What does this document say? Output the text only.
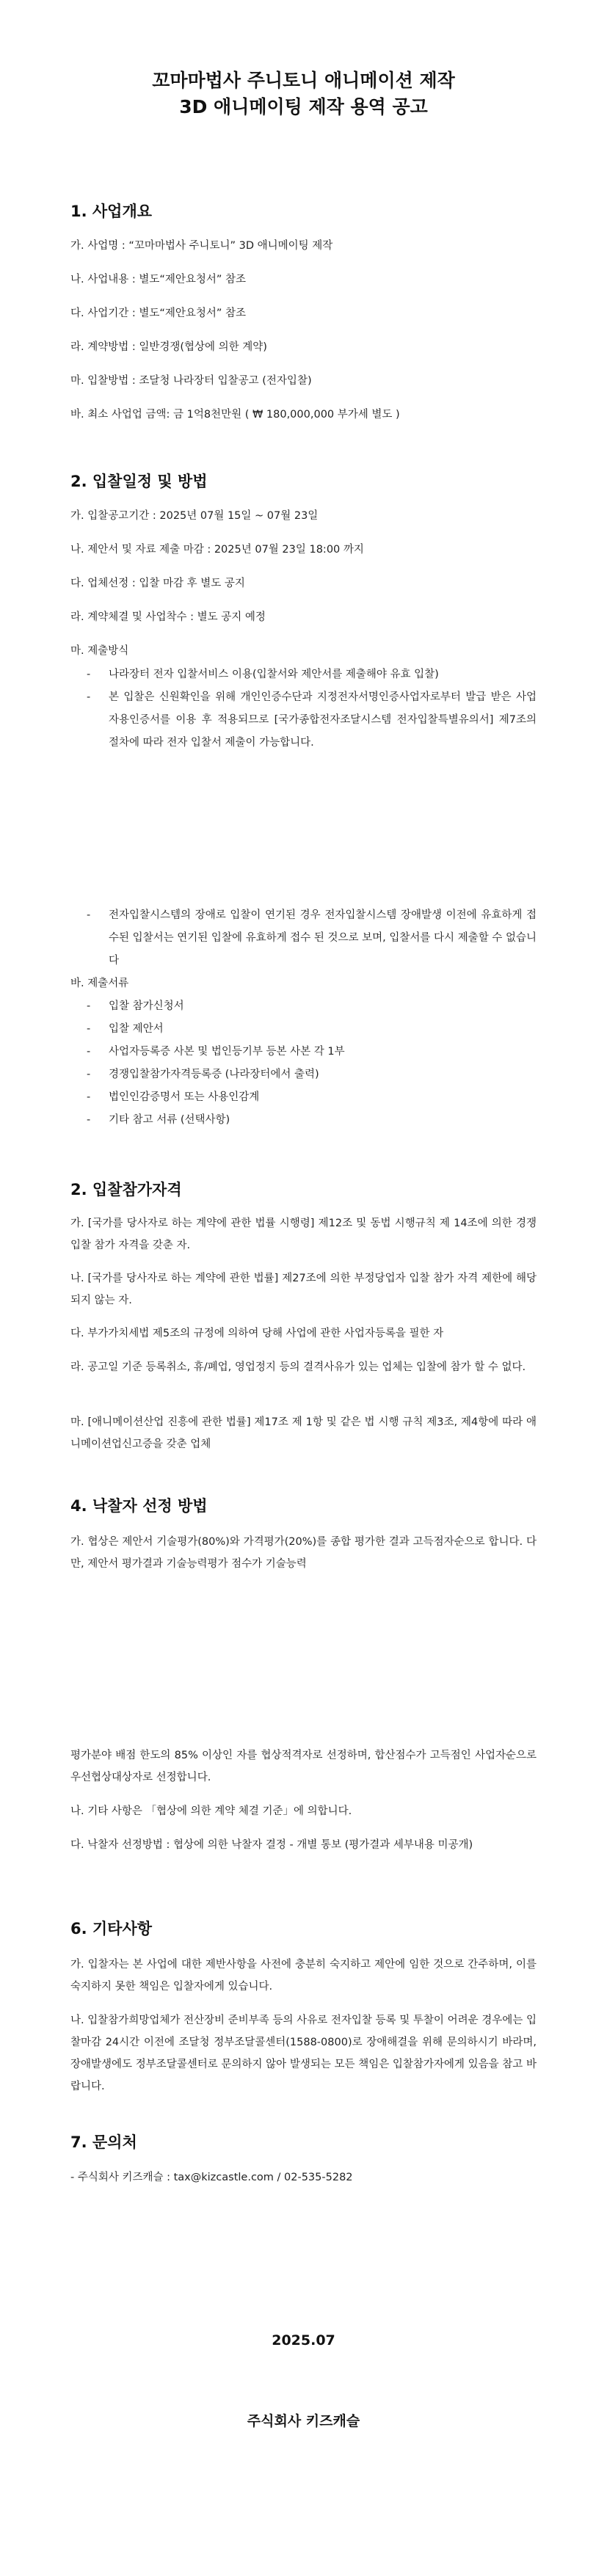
꼬마마법사 주니토니 애니메이션 제작
3D 애니메이팅 제작 용역 공고
1. 사업개요
가. 사업명 : “꼬마마법사 주니토니” 3D 애니메이팅 제작
나. 사업내용 : 별도“제안요청서” 참조
다. 사업기간 : 별도“제안요청서” 참조
라. 계약방법 : 일반경쟁(협상에 의한 계약)
마. 입찰방법 : 조달청 나라장터 입찰공고 (전자입찰)
바. 최소 사업업 금액: 금 1억8천만원 ( ₩ 180,000,000 부가세 별도 )
2. 입찰일정 및 방법
가. 입찰공고기간 : 2025년 07월 15일 ~ 07월 23일
나. 제안서 및 자료 제출 마감 : 2025년 07월 23일 18:00 까지
다. 업체선정 : 입찰 마감 후 별도 공지
라. 계약체결 및 사업착수 : 별도 공지 예정
마. 제출방식
- 나라장터 전자 입찰서비스 이용(입찰서와 제안서를 제출해야 유효 입찰)
- 본 입찰은 신원확인을 위해 개인인증수단과 지정전자서명인증사업자로부터 발급 받은 사업자용인증서를 이용 후 적용되므로 [국가종합전자조달시스템 전자입찰특별유의서] 제7조의 절차에 따라 전자 입찰서 제출이 가능합니다.
- 전자입찰시스템의 장애로 입찰이 연기된 경우 전자입찰시스템 장애발생 이전에 유효하게 접수된 입찰서는 연기된 입찰에 유효하게 접수 된 것으로 보며, 입찰서를 다시 제출할 수 없습니다
바. 제출서류
- 입찰 참가신청서
- 입찰 제안서
- 사업자등록증 사본 및 법인등기부 등본 사본 각 1부
- 경쟁입찰참가자격등록증 (나라장터에서 출력)
- 법인인감증명서 또는 사용인감계
- 기타 참고 서류 (선택사항)
2. 입찰참가자격
가. [국가를 당사자로 하는 계약에 관한 법률 시행령] 제12조 및 동법 시행규칙 제 14조에 의한 경쟁 입찰 참가 자격을 갖춘 자.
나. [국가를 당사자로 하는 계약에 관한 법률] 제27조에 의한 부정당업자 입찰 참가 자격 제한에 해당 되지 않는 자.
다. 부가가치세법 제5조의 규정에 의하여 당해 사업에 관한 사업자등록을 필한 자
라. 공고일 기준 등록취소, 휴/폐업, 영업정지 등의 결격사유가 있는 업체는 입찰에 참가 할 수 없다.
마. [애니메이션산업 진흥에 관한 법률] 제17조 제 1항 및 같은 법 시행 규칙 제3조, 제4항에 따라 애니메이션업신고증을 갖춘 업체
4. 낙찰자 선정 방법
가. 협상은 제안서 기술평가(80%)와 가격평가(20%)를 종합 평가한 결과 고득점자순으로 합니다. 다만, 제안서 평가결과 기술능력평가 점수가 기술능력
평가분야 배점 한도의 85% 이상인 자를 협상적격자로 선정하며, 합산점수가 고득점인 사업자순으로 우선협상대상자로 선정합니다.
나. 기타 사항은 「협상에 의한 계약 체결 기준」에 의합니다.
다. 낙찰자 선정방법 : 협상에 의한 낙찰자 결정 - 개별 통보 (평가결과 세부내용 미공개)
6. 기타사항
가. 입찰자는 본 사업에 대한 제반사항을 사전에 충분히 숙지하고 제안에 임한 것으로 간주하며, 이를 숙지하지 못한 책임은 입찰자에게 있습니다.
나. 입찰참가희망업체가 전산장비 준비부족 등의 사유로 전자입찰 등록 및 투찰이 어려운 경우에는 입찰마감 24시간 이전에 조달청 정부조달콜센터(1588-0800)로 장애해결을 위해 문의하시기 바라며, 장애발생에도 정부조달콜센터로 문의하지 않아 발생되는 모든 책임은 입찰참가자에게 있음을 참고 바랍니다.
7. 문의처
- 주식회사 키즈캐슬 : tax@kizcastle.com / 02-535-5282
2025.07
주식회사 키즈캐슬
